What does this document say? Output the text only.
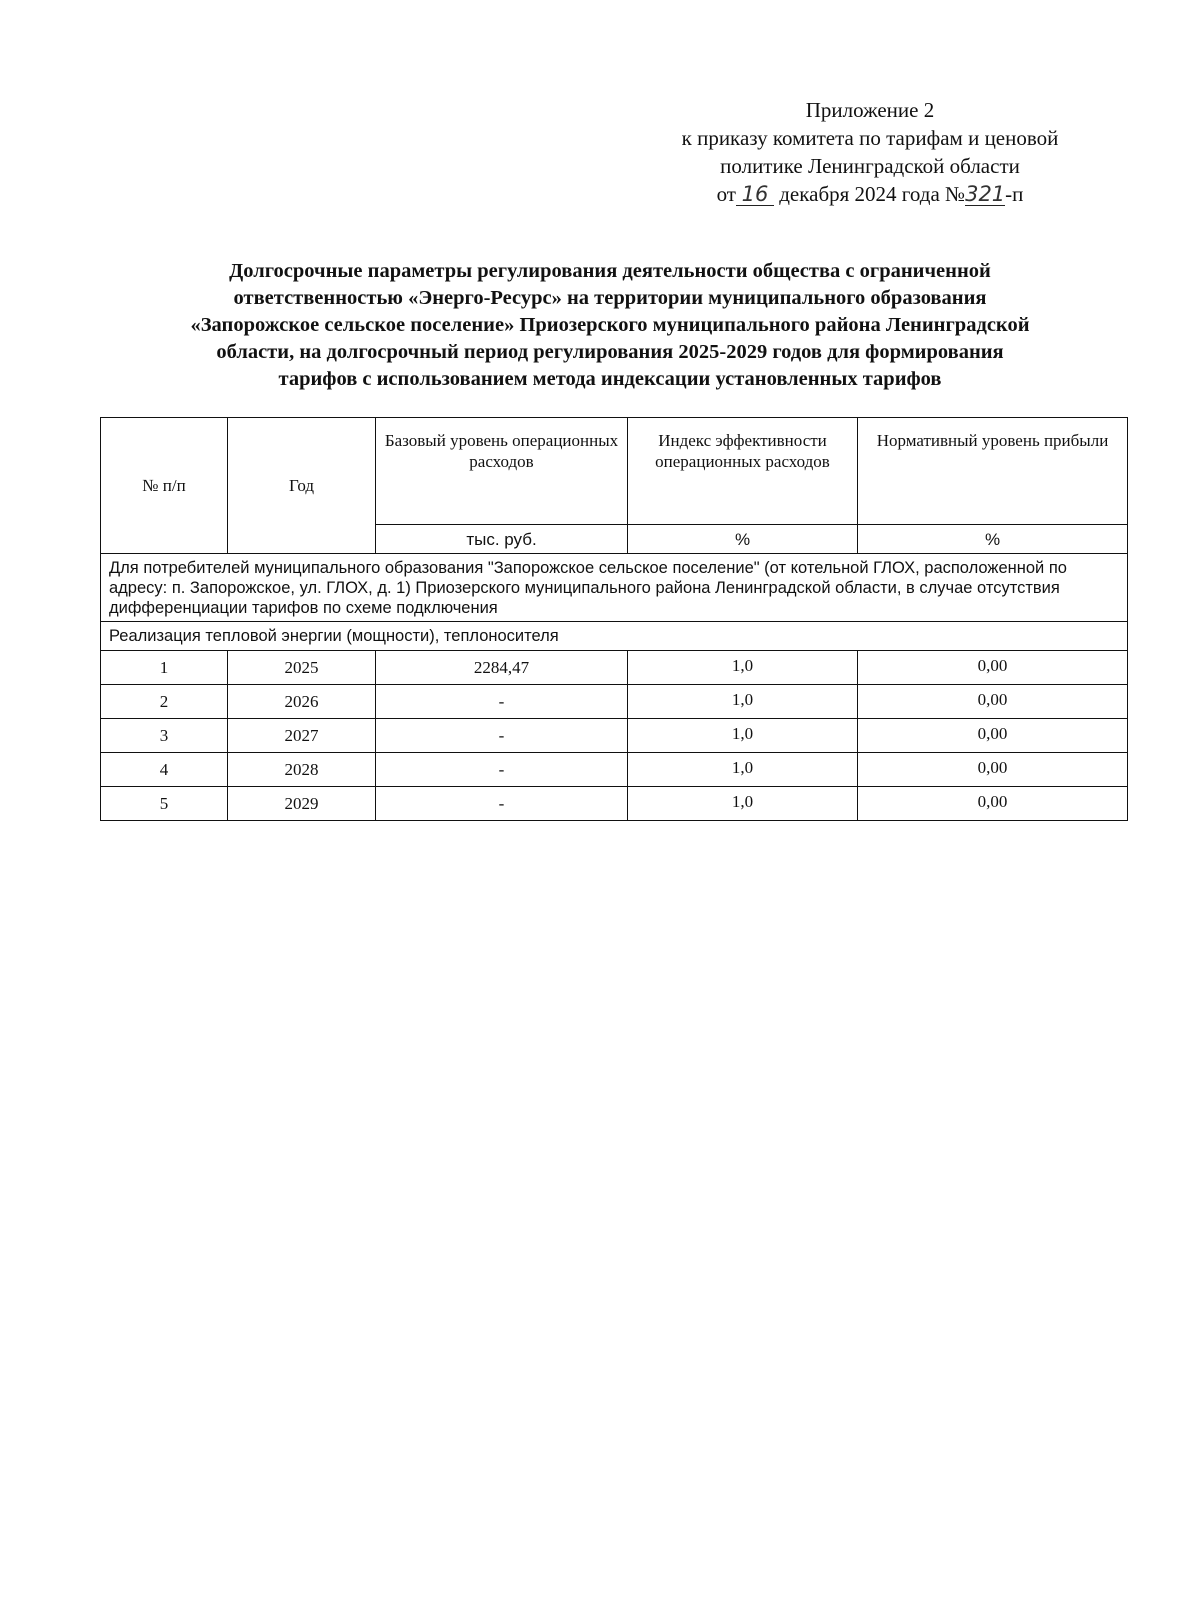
Приложение 2
к приказу комитета по тарифам и ценовой
политике Ленинградской области
от 16 декабря 2024 года №321-п
Долгосрочные параметры регулирования деятельности общества с ограниченной
ответственностью «Энерго-Ресурс» на территории муниципального образования
«Запорожское сельское поселение» Приозерского муниципального района Ленинградской
области, на долгосрочный период регулирования 2025-2029 годов для формирования
тарифов с использованием метода индексации установленных тарифов
№ п/п	Год	Базовый уровень операционных расходов	Индекс эффективности операционных расходов	Нормативный уровень прибыли
		тыс. руб.	%	%
Для потребителей муниципального образования "Запорожское сельское поселение" (от котельной ГЛОХ, расположенной по адресу: п. Запорожское, ул. ГЛОХ, д. 1) Приозерского муниципального района Ленинградской области, в случае отсутствия дифференциации тарифов по схеме подключения				
Реализация тепловой энергии (мощности), теплоносителя				
1	2025	2284,47	1,0	0,00
2	2026	-	1,0	0,00
3	2027	-	1,0	0,00
4	2028	-	1,0	0,00
5	2029	-	1,0	0,00
